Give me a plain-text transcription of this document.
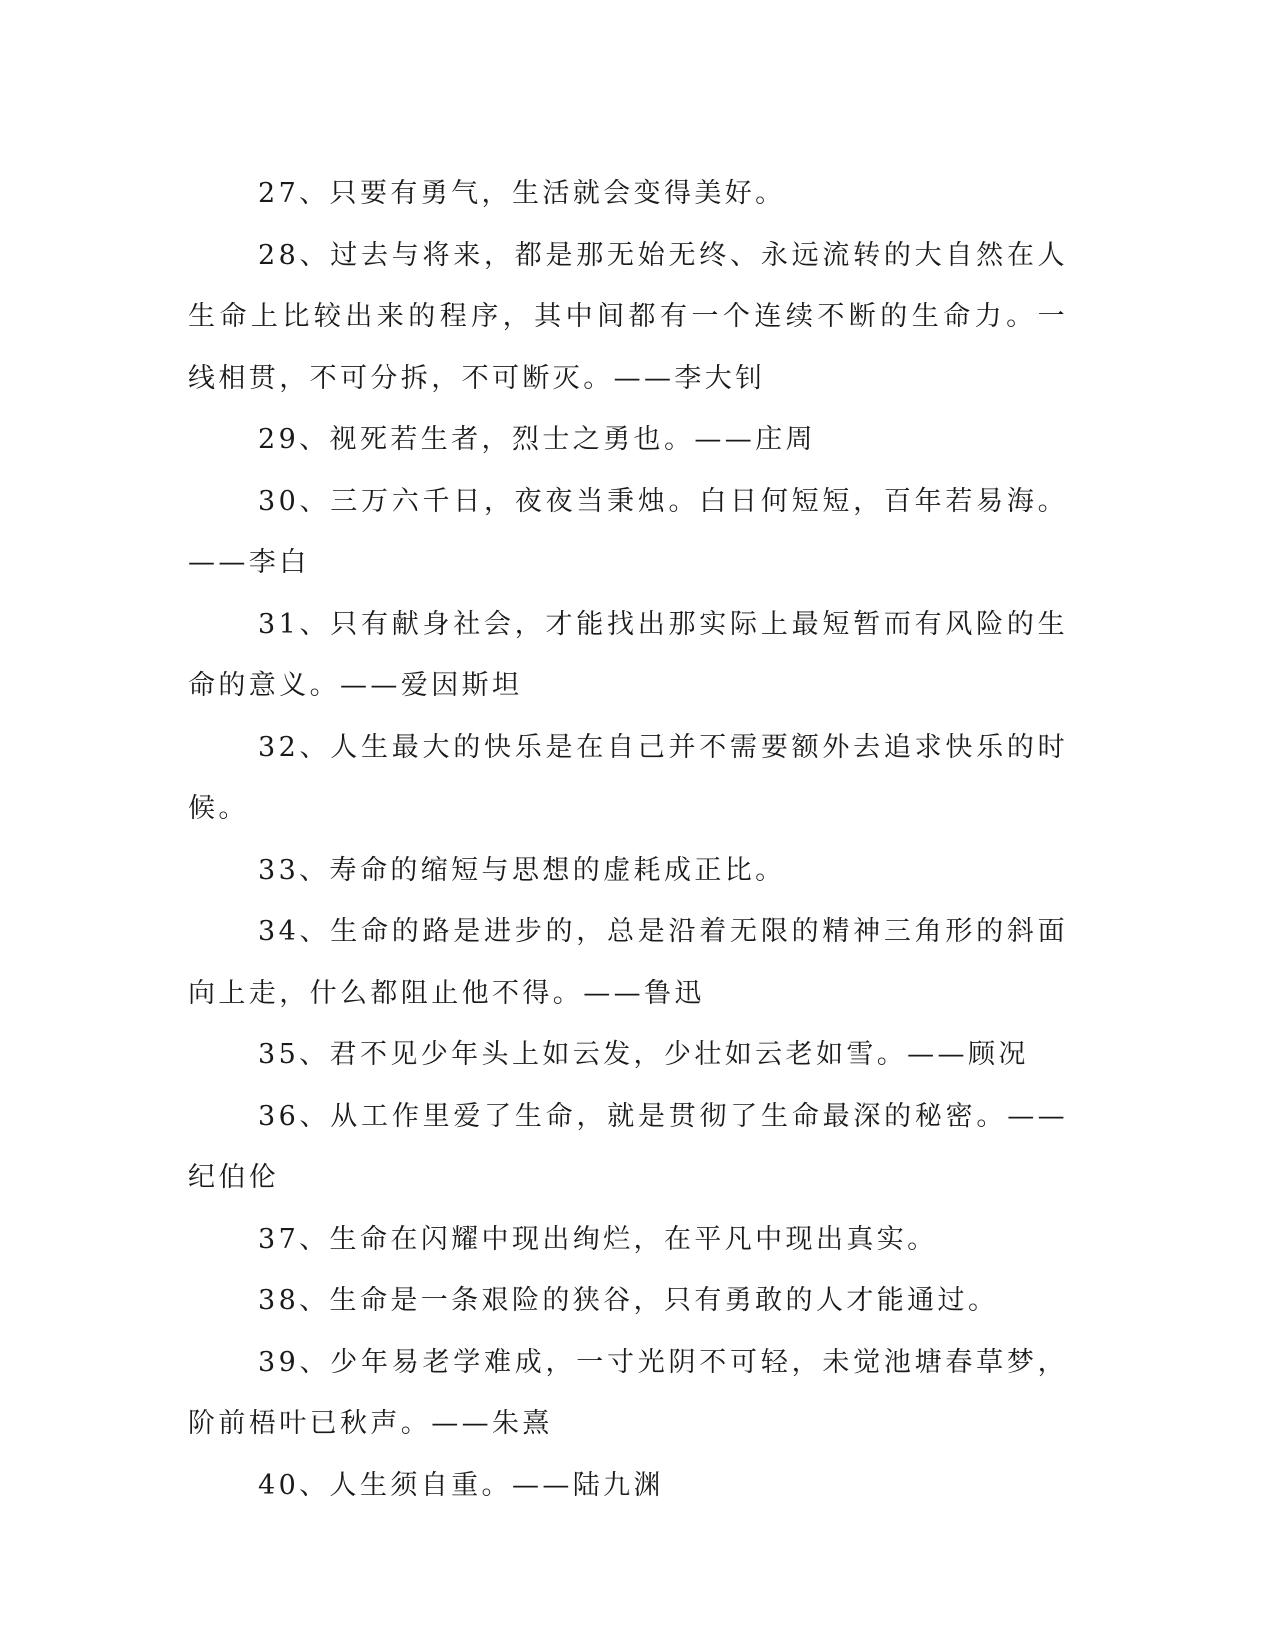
27、只要有勇气，生活就会变得美好。

28、过去与将来，都是那无始无终、永远流转的大自然在人生命上比较出来的程序，其中间都有一个连续不断的生命力。一线相贯，不可分拆，不可断灭。——李大钊

29、视死若生者，烈士之勇也。——庄周

30、三万六千日，夜夜当秉烛。白日何短短，百年若易海。——李白

31、只有献身社会，才能找出那实际上最短暂而有风险的生命的意义。——爱因斯坦

32、人生最大的快乐是在自己并不需要额外去追求快乐的时候。

33、寿命的缩短与思想的虚耗成正比。

34、生命的路是进步的，总是沿着无限的精神三角形的斜面向上走，什么都阻止他不得。——鲁迅

35、君不见少年头上如云发，少壮如云老如雪。——顾况

36、从工作里爱了生命，就是贯彻了生命最深的秘密。——纪伯伦

37、生命在闪耀中现出绚烂，在平凡中现出真实。

38、生命是一条艰险的狭谷，只有勇敢的人才能通过。

39、少年易老学难成，一寸光阴不可轻，未觉池塘春草梦，阶前梧叶已秋声。——朱熹

40、人生须自重。——陆九渊
